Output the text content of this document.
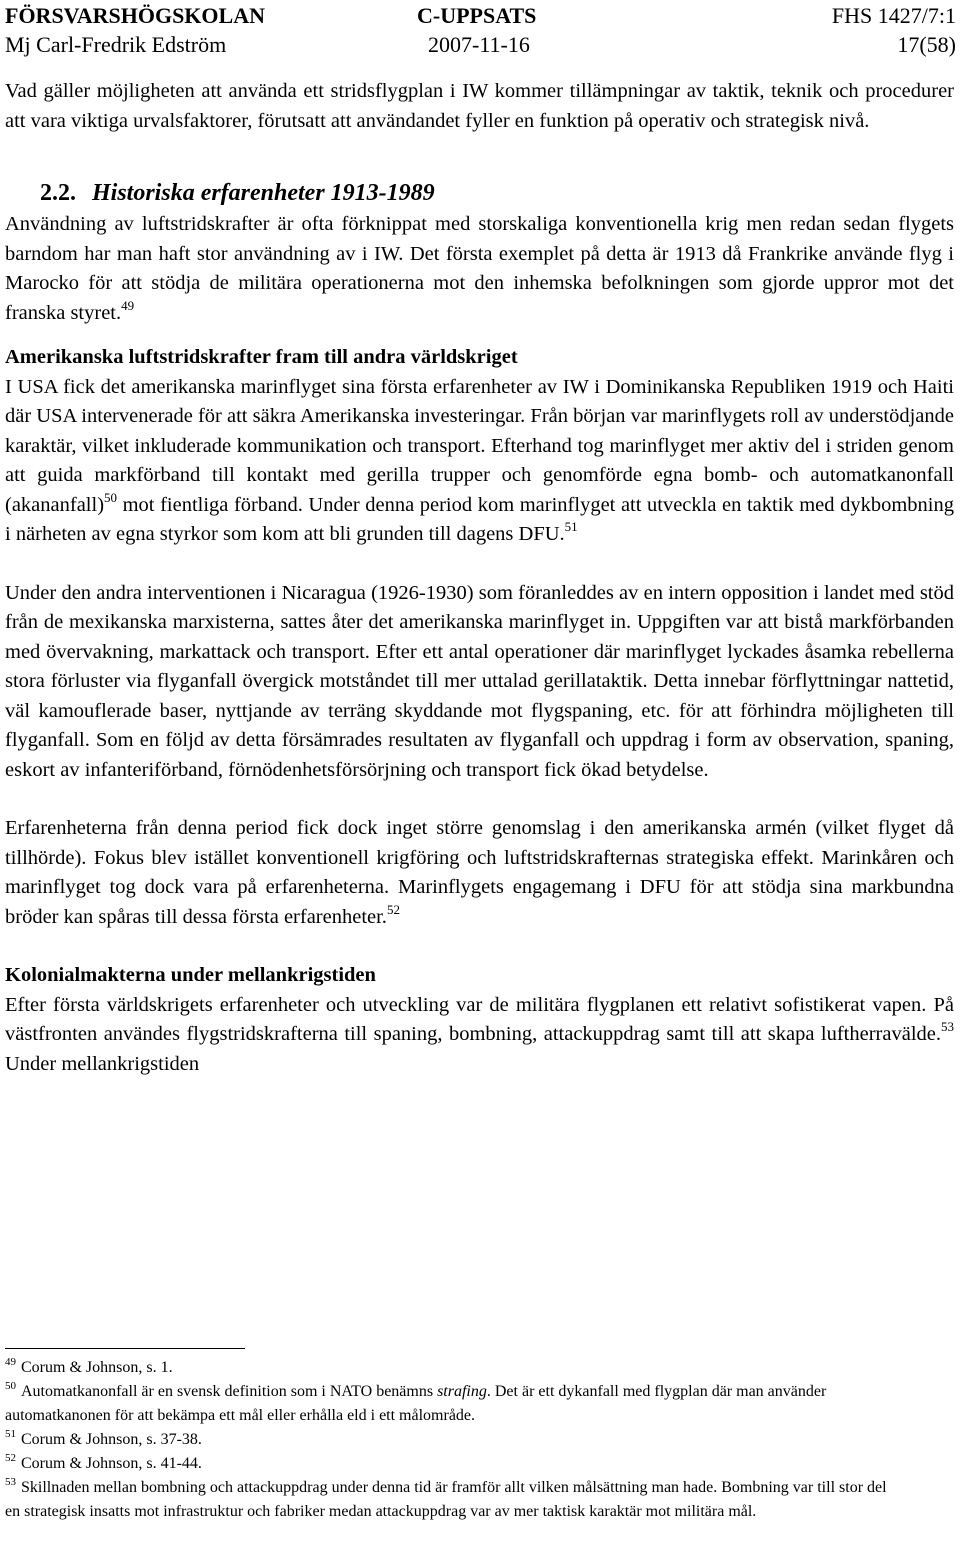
FÖRSVARSHÖGSKOLAN	C-UPPSATS	FHS 1427/7:1
Mj Carl-Fredrik Edström	2007-11-16	17(58)

Vad gäller möjligheten att använda ett stridsflygplan i IW kommer tillämpningar av taktik, teknik och procedurer att vara viktiga urvalsfaktorer, förutsatt att användandet fyller en funktion på operativ och strategisk nivå.

2.2. Historiska erfarenheter 1913-1989

Användning av luftstridskrafter är ofta förknippat med storskaliga konventionella krig men redan sedan flygets barndom har man haft stor användning av i IW. Det första exemplet på detta är 1913 då Frankrike använde flyg i Marocko för att stödja de militära operationerna mot den inhemska befolkningen som gjorde uppror mot det franska styret.$^{49}$

Amerikanska luftstridskrafter fram till andra världskriget

I USA fick det amerikanska marinflyget sina första erfarenheter av IW i Dominikanska Republiken 1919 och Haiti där USA intervenerade för att säkra Amerikanska investeringar. Från början var marinflygets roll av understödjande karaktär, vilket inkluderade kommunikation och transport. Efterhand tog marinflyget mer aktiv del i striden genom att guida markförband till kontakt med gerilla trupper och genomförde egna bomb- och automatkanonfall (akananfall)$^{50}$ mot fientliga förband. Under denna period kom marinflyget att utveckla en taktik med dykbombning i närheten av egna styrkor som kom att bli grunden till dagens DFU.$^{51}$

Under den andra interventionen i Nicaragua (1926-1930) som föranleddes av en intern opposition i landet med stöd från de mexikanska marxisterna, sattes åter det amerikanska marinflyget in. Uppgiften var att bistå markförbanden med övervakning, markattack och transport. Efter ett antal operationer där marinflyget lyckades åsamka rebellerna stora förluster via flyganfall övergick motståndet till mer uttalad gerillataktik. Detta innebar förflyttningar nattetid, väl kamouflerade baser, nyttjande av terräng skyddande mot flygspaning, etc. för att förhindra möjligheten till flyganfall. Som en följd av detta försämrades resultaten av flyganfall och uppdrag i form av observation, spaning, eskort av infanteriförband, förnödenhetsförsörjning och transport fick ökad betydelse.

Erfarenheterna från denna period fick dock inget större genomslag i den amerikanska armén (vilket flyget då tillhörde). Fokus blev istället konventionell krigföring och luftstridskrafternas strategiska effekt. Marinkåren och marinflyget tog dock vara på erfarenheterna. Marinflygets engagemang i DFU för att stödja sina markbundna bröder kan spåras till dessa första erfarenheter.$^{52}$

Kolonialmakterna under mellankrigstiden

Efter första världskrigets erfarenheter och utveckling var de militära flygplanen ett relativt sofistikerat vapen. På västfronten användes flygstridskrafterna till spaning, bombning, attackuppdrag samt till att skapa luftherravälde.$^{53}$ Under mellankrigstiden

$^{49}$ Corum & Johnson, s. 1.

$^{50}$ Automatkanonfall är en svensk definition som i NATO benämns strafing. Det är ett dykanfall med flygplan där man använder automatkanonen för att bekämpa ett mål eller erhålla eld i ett målområde.

$^{51}$ Corum & Johnson, s. 37-38.

$^{52}$ Corum & Johnson, s. 41-44.

$^{53}$ Skillnaden mellan bombning och attackuppdrag under denna tid är framför allt vilken målsättning man hade. Bombning var till stor del en strategisk insatts mot infrastruktur och fabriker medan attackuppdrag var av mer taktisk karaktär mot militära mål.
